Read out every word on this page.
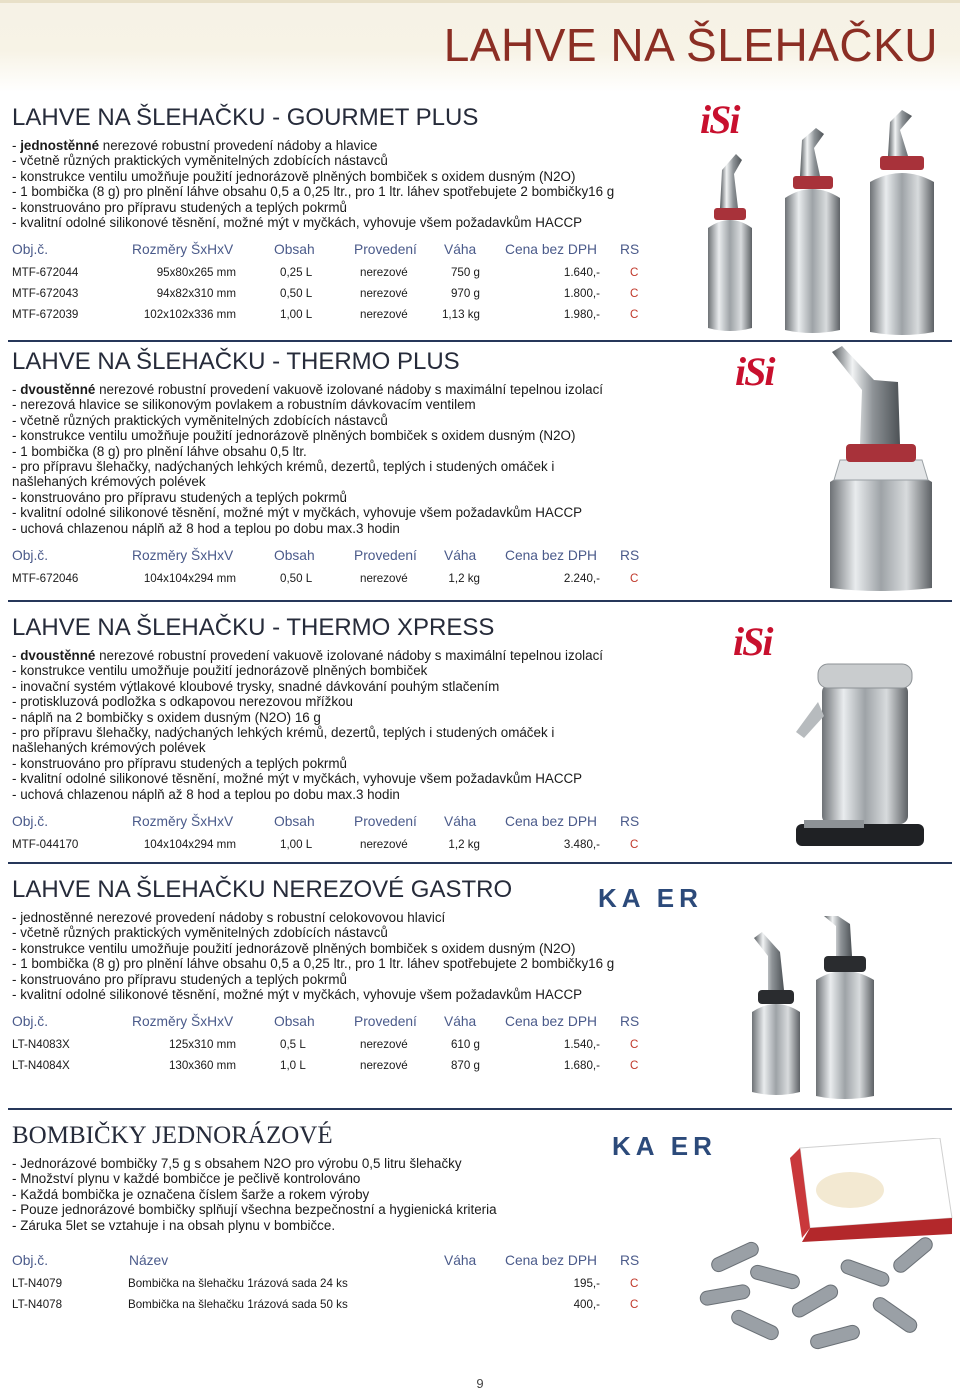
LAHVE NA ŠLEHAČKU
LAHVE NA ŠLEHAČKU - GOURMET PLUS
- jednostěnné nerezové robustní provedení nádoby a hlavice
- včetně různých praktických vyměnitelných zdobících nástavců
- konstrukce ventilu umožňuje použití jednorázově plněných bombiček s oxidem dusným (N2O)
- 1 bombička (8 g) pro plnění láhve obsahu 0,5 a 0,25 ltr., pro 1 ltr. láhev spotřebujete 2 bombičky16 g
- konstruováno pro přípravu studených a teplých pokrmů
- kvalitní odolné silikonové těsnění, možné mýt v myčkách, vyhovuje všem požadavkům HACCP
Obj.č.	Rozměry ŠxHxV	Obsah	Provedení Váha Cena bez DPH RS
MTF-672044	95x80x265 mm	0,25 L	nerezové	750 g	1.640,-	C
MTF-672043	94x82x310 mm	0,50 L	nerezové	970 g	1.800,-	C
MTF-672039	102x102x336 mm	1,00 L	nerezové	1,13 kg	1.980,-	C
LAHVE NA ŠLEHAČKU - THERMO PLUS
- dvoustěnné nerezové robustní provedení vakuově izolované nádoby s maximální tepelnou izolací
- nerezová hlavice se silikonovým povlakem a robustním dávkovacím ventilem
- včetně různých praktických vyměnitelných zdobících nástavců
- konstrukce ventilu umožňuje použití jednorázově plněných bombiček s oxidem dusným (N2O)
- 1 bombička (8 g) pro plnění láhve obsahu 0,5 ltr.
- pro přípravu šlehačky, nadýchaných lehkých krémů, dezertů, teplých i studených omáček i
našlehaných krémových polévek
- konstruováno pro přípravu studených a teplých pokrmů
- kvalitní odolné silikonové těsnění, možné mýt v myčkách, vyhovuje všem požadavkům HACCP
- uchová chlazenou náplň až 8 hod a teplou po dobu max.3 hodin
Obj.č.	Rozměry ŠxHxV	Obsah	Provedení Váha Cena bez DPH RS
MTF-672046	104x104x294 mm	0,50 L	nerezové	1,2 kg	2.240,-	C
LAHVE NA ŠLEHAČKU - THERMO XPRESS
- dvoustěnné nerezové robustní provedení vakuově izolované nádoby s maximální tepelnou izolací
- konstrukce ventilu umožňuje použití jednorázově plněných bombiček
- inovační systém výtlakové kloubové trysky, snadné dávkování pouhým stlačením
- protiskluzová podložka s odkapovou nerezovou mřížkou
- náplň na 2 bombičky s oxidem dusným (N2O) 16 g
- pro přípravu šlehačky, nadýchaných lehkých krémů, dezertů, teplých i studených omáček i
našlehaných krémových polévek
- konstruováno pro přípravu studených a teplých pokrmů
- kvalitní odolné silikonové těsnění, možné mýt v myčkách, vyhovuje všem požadavkům HACCP
- uchová chlazenou náplň až 8 hod a teplou po dobu max.3 hodin
Obj.č.	Rozměry ŠxHxV	Obsah	Provedení Váha Cena bez DPH RS
MTF-044170	104x104x294 mm	1,00 L	nerezové	1,2 kg	3.480,-	C
LAHVE NA ŠLEHAČKU NEREZOVÉ GASTRO
- jednostěnné nerezové provedení nádoby s robustní celokovovou hlavicí
- včetně různých praktických vyměnitelných zdobících nástavců
- konstrukce ventilu umožňuje použití jednorázově plněných bombiček s oxidem dusným (N2O)
- 1 bombička (8 g) pro plnění láhve obsahu 0,5 a 0,25 ltr., pro 1 ltr. láhev spotřebujete 2 bombičky16 g
- konstruováno pro přípravu studených a teplých pokrmů
- kvalitní odolné silikonové těsnění, možné mýt v myčkách, vyhovuje všem požadavkům HACCP
Obj.č.	Rozměry ŠxHxV	Obsah	Provedení Váha Cena bez DPH RS
LT-N4083X	125x310 mm	0,5 L	nerezové	610 g	1.540,-	C
LT-N4084X	130x360 mm	1,0 L	nerezové	870 g	1.680,-	C
BOMBIČKY JEDNORÁZOVÉ
- Jednorázové bombičky 7,5 g s obsahem N2O pro výrobu 0,5 litru šlehačky
- Množství plynu v každé bombičce je pečlivě kontrolováno
- Každá bombička je označena číslem šarže a rokem výroby
- Pouze jednorázové bombičky splňují všechna bezpečnostní a hygienická kriteria
- Záruka 5let se vztahuje i na obsah plynu v bombičce.
Obj.č.	Název	Váha Cena bez DPH RS
LT-N4079	Bombička na šlehačku 1rázová sada 24 ks	195,-	C
LT-N4078	Bombička na šlehačku 1rázová sada 50 ks	400,-	C
iSi
iSi
iSi
KA ER
KA ER
9
